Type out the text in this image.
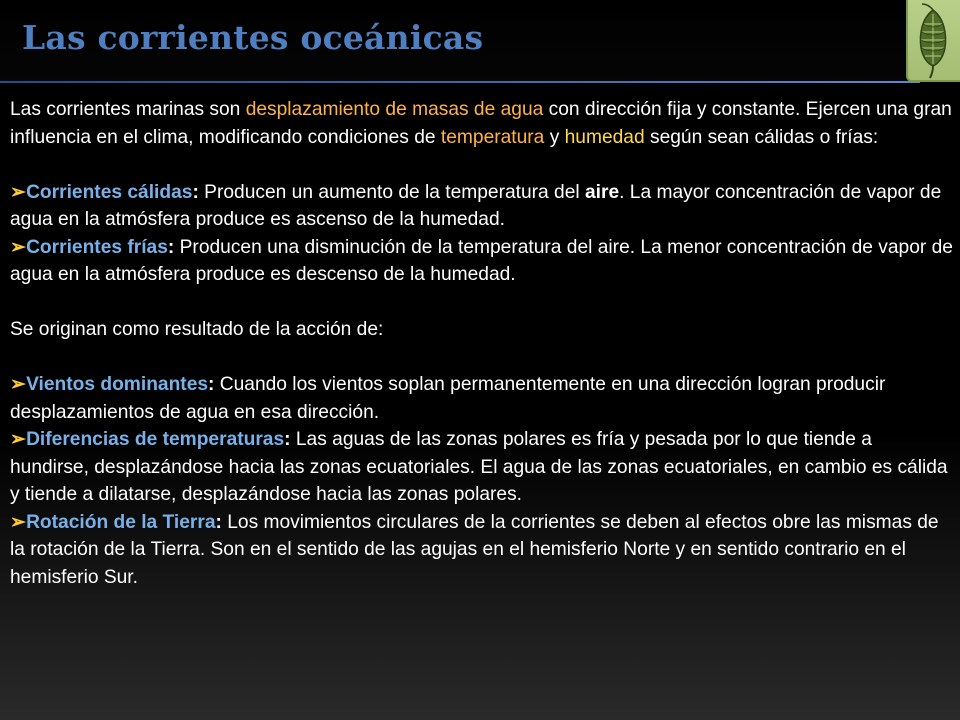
Las corrientes oceánicas

Las corrientes marinas son desplazamiento de masas de agua con dirección fija y constante. Ejercen una gran influencia en el clima, modificando condiciones de temperatura y humedad según sean cálidas o frías:

➢Corrientes cálidas: Producen un aumento de la temperatura del aire. La mayor concentración de vapor de agua en la atmósfera produce es ascenso de la humedad.

➢Corrientes frías: Producen una disminución de la temperatura del aire. La menor concentración de vapor de agua en la atmósfera produce es descenso de la humedad.

Se originan como resultado de la acción de:

➢Vientos dominantes: Cuando los vientos soplan permanentemente en una dirección logran producir desplazamientos de agua en esa dirección.

➢Diferencias de temperaturas: Las aguas de las zonas polares es fría y pesada por lo que tiende a hundirse, desplazándose hacia las zonas ecuatoriales. El agua de las zonas ecuatoriales, en cambio es cálida y tiende a dilatarse, desplazándose hacia las zonas polares.

➢Rotación de la Tierra: Los movimientos circulares de la corrientes se deben al efectos obre las mismas de la rotación de la Tierra. Son en el sentido de las agujas en el hemisferio Norte y en sentido contrario en el hemisferio Sur.
